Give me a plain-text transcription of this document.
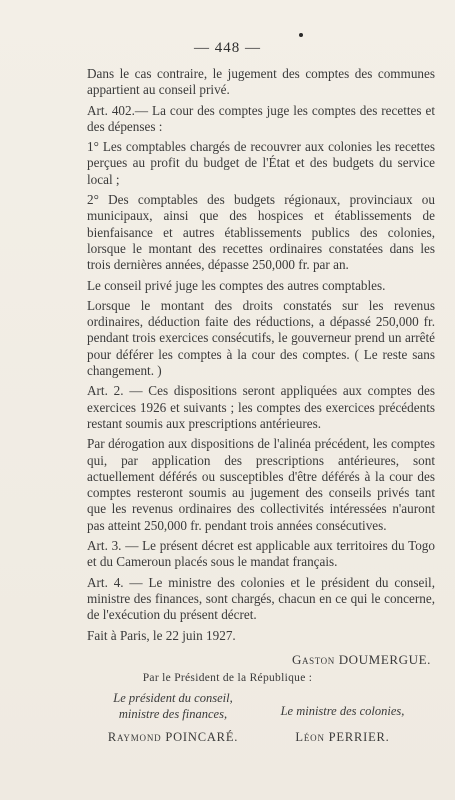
— 448 —

Dans le cas contraire, le jugement des comptes des communes appartient au conseil privé.

Art. 402.— La cour des comptes juge les comptes des recettes et des dépenses :

1° Les comptables chargés de recouvrer aux colonies les recettes perçues au profit du budget de l'État et des budgets du service local ;

2° Des comptables des budgets régionaux, provinciaux ou municipaux, ainsi que des hospices et établissements de bienfaisance et autres établissements publics des colonies, lorsque le montant des recettes ordinaires constatées dans les trois dernières années, dépasse 250,000 fr. par an.

Le conseil privé juge les comptes des autres comptables.

Lorsque le montant des droits constatés sur les revenus ordinaires, déduction faite des réductions, a dépassé 250,000 fr. pendant trois exercices consécutifs, le gouverneur prend un arrêté pour déférer les comptes à la cour des comptes. ( Le reste sans changement. )

Art. 2. — Ces dispositions seront appliquées aux comptes des exercices 1926 et suivants ; les comptes des exercices précédents restant soumis aux prescriptions antérieures.

Par dérogation aux dispositions de l'alinéa précédent, les comptes qui, par application des prescriptions antérieures, sont actuellement déférés ou susceptibles d'être déférés à la cour des comptes resteront soumis au jugement des conseils privés tant que les revenus ordinaires des collectivités intéressées n'auront pas atteint 250,000 fr. pendant trois années consécutives.

Art. 3. — Le présent décret est applicable aux territoires du Togo et du Cameroun placés sous le mandat français.

Art. 4. — Le ministre des colonies et le président du conseil, ministre des finances, sont chargés, chacun en ce qui le concerne, de l'exécution du présent décret.

Fait à Paris, le 22 juin 1927.

Gaston DOUMERGUE.
Par le Président de la République :
Le président du conseil,
ministre des finances,	Le ministre des colonies,
Raymond POINCARÉ.	Léon PERRIER.
